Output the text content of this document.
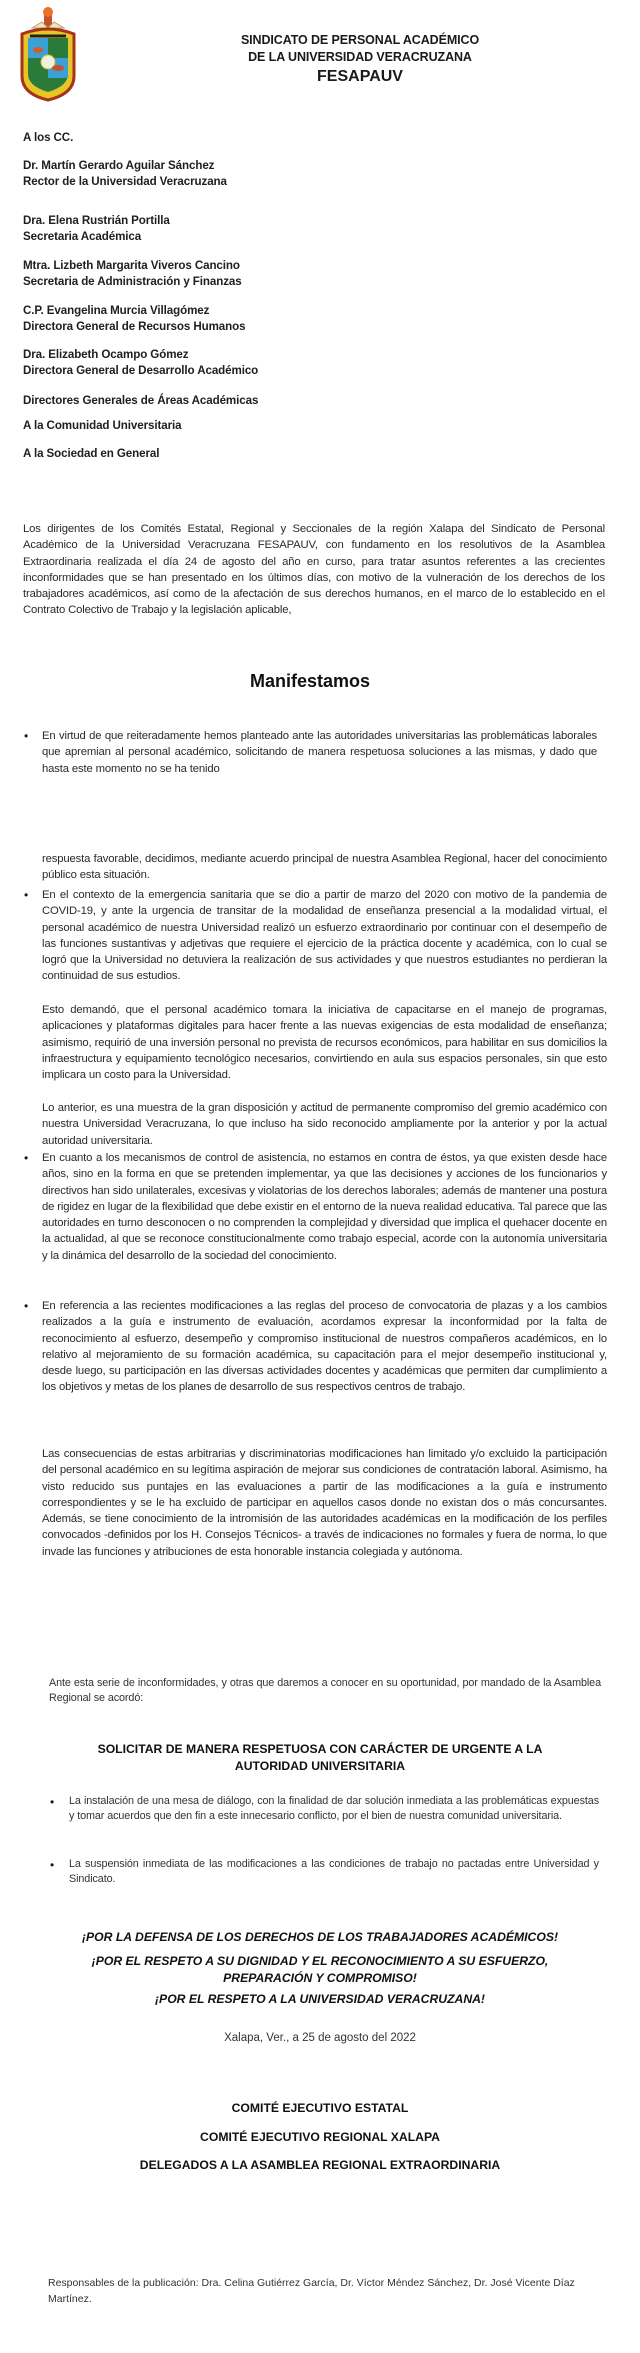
SINDICATO DE PERSONAL ACADÉMICO
DE LA UNIVERSIDAD VERACRUZANA
FESAPAUV
A los CC.
Dr. Martín Gerardo Aguilar Sánchez
Rector de la Universidad Veracruzana
Dra. Elena Rustrián Portilla
Secretaria Académica
Mtra. Lizbeth Margarita Viveros Cancino
Secretaria de Administración y Finanzas
C.P. Evangelina Murcia Villagómez
Directora General de Recursos Humanos
Dra. Elizabeth Ocampo Gómez
Directora General de Desarrollo Académico
Directores Generales de Áreas Académicas
A la Comunidad Universitaria
A la Sociedad en General
Los dirigentes de los Comités Estatal, Regional y Seccionales de la región Xalapa del Sindicato de Personal Académico de la Universidad Veracruzana FESAPAUV, con fundamento en los resolutivos de la Asamblea Extraordinaria realizada el día 24 de agosto del año en curso, para tratar asuntos referentes a las crecientes inconformidades que se han presentado en los últimos días, con motivo de la vulneración de los derechos de los trabajadores académicos, así como de la afectación de sus derechos humanos, en el marco de lo establecido en el Contrato Colectivo de Trabajo y la legislación aplicable,
Manifestamos
• En virtud de que reiteradamente hemos planteado ante las autoridades universitarias las problemáticas laborales que apremian al personal académico, solicitando de manera respetuosa soluciones a las mismas, y dado que hasta este momento no se ha tenido
respuesta favorable, decidimos, mediante acuerdo principal de nuestra Asamblea Regional, hacer del conocimiento público esta situación.
• En el contexto de la emergencia sanitaria que se dio a partir de marzo del 2020 con motivo de la pandemia de COVID-19, y ante la urgencia de transitar de la modalidad de enseñanza presencial a la modalidad virtual, el personal académico de nuestra Universidad realizó un esfuerzo extraordinario por continuar con el desempeño de las funciones sustantivas y adjetivas que requiere el ejercicio de la práctica docente y académica, con lo cual se logró que la Universidad no detuviera la realización de sus actividades y que nuestros estudiantes no perdieran la continuidad de sus estudios.
Esto demandó, que el personal académico tomara la iniciativa de capacitarse en el manejo de programas, aplicaciones y plataformas digitales para hacer frente a las nuevas exigencias de esta modalidad de enseñanza; asimismo, requirió de una inversión personal no prevista de recursos económicos, para habilitar en sus domicilios la infraestructura y equipamiento tecnológico necesarios, convirtiendo en aula sus espacios personales, sin que esto implicara un costo para la Universidad.
Lo anterior, es una muestra de la gran disposición y actitud de permanente compromiso del gremio académico con nuestra Universidad Veracruzana, lo que incluso ha sido reconocido ampliamente por la anterior y por la actual autoridad universitaria.
• En cuanto a los mecanismos de control de asistencia, no estamos en contra de éstos, ya que existen desde hace años, sino en la forma en que se pretenden implementar, ya que las decisiones y acciones de los funcionarios y directivos han sido unilaterales, excesivas y violatorias de los derechos laborales; además de mantener una postura de rigidez en lugar de la flexibilidad que debe existir en el entorno de la nueva realidad educativa. Tal parece que las autoridades en turno desconocen o no comprenden la complejidad y diversidad que implica el quehacer docente en la actualidad, al que se reconoce constitucionalmente como trabajo especial, acorde con la autonomía universitaria y la dinámica del desarrollo de la sociedad del conocimiento.
• En referencia a las recientes modificaciones a las reglas del proceso de convocatoria de plazas y a los cambios realizados a la guía e instrumento de evaluación, acordamos expresar la inconformidad por la falta de reconocimiento al esfuerzo, desempeño y compromiso institucional de nuestros compañeros académicos, en lo relativo al mejoramiento de su formación académica, su capacitación para el mejor desempeño institucional y, desde luego, su participación en las diversas actividades docentes y académicas que permiten dar cumplimiento a los objetivos y metas de los planes de desarrollo de sus respectivos centros de trabajo.
Las consecuencias de estas arbitrarias y discriminatorias modificaciones han limitado y/o excluido la participación del personal académico en su legítima aspiración de mejorar sus condiciones de contratación laboral. Asimismo, ha visto reducido sus puntajes en las evaluaciones a partir de las modificaciones a la guía e instrumento correspondientes y se le ha excluido de participar en aquellos casos donde no existan dos o más concursantes. Además, se tiene conocimiento de la intromisión de las autoridades académicas en la modificación de los perfiles convocados -definidos por los H. Consejos Técnicos- a través de indicaciones no formales y fuera de norma, lo que invade las funciones y atribuciones de esta honorable instancia colegiada y autónoma.
Ante esta serie de inconformidades, y otras que daremos a conocer en su oportunidad, por mandado de la Asamblea Regional se acordó:
SOLICITAR DE MANERA RESPETUOSA CON CARÁCTER DE URGENTE A LA
AUTORIDAD UNIVERSITARIA
• La instalación de una mesa de diálogo, con la finalidad de dar solución inmediata a las problemáticas expuestas y tomar acuerdos que den fin a este innecesario conflicto, por el bien de nuestra comunidad universitaria.
• La suspensión inmediata de las modificaciones a las condiciones de trabajo no pactadas entre Universidad y Sindicato.
¡POR LA DEFENSA DE LOS DERECHOS DE LOS TRABAJADORES ACADÉMICOS!
¡POR EL RESPETO A SU DIGNIDAD Y EL RECONOCIMIENTO A SU ESFUERZO,
PREPARACIÓN Y COMPROMISO!
¡POR EL RESPETO A LA UNIVERSIDAD VERACRUZANA!
Xalapa, Ver., a 25 de agosto del 2022
COMITÉ EJECUTIVO ESTATAL
COMITÉ EJECUTIVO REGIONAL XALAPA
DELEGADOS A LA ASAMBLEA REGIONAL EXTRAORDINARIA
Responsables de la publicación: Dra. Celina Gutiérrez García, Dr. Víctor Méndez Sánchez, Dr. José Vicente Díaz Martínez.
